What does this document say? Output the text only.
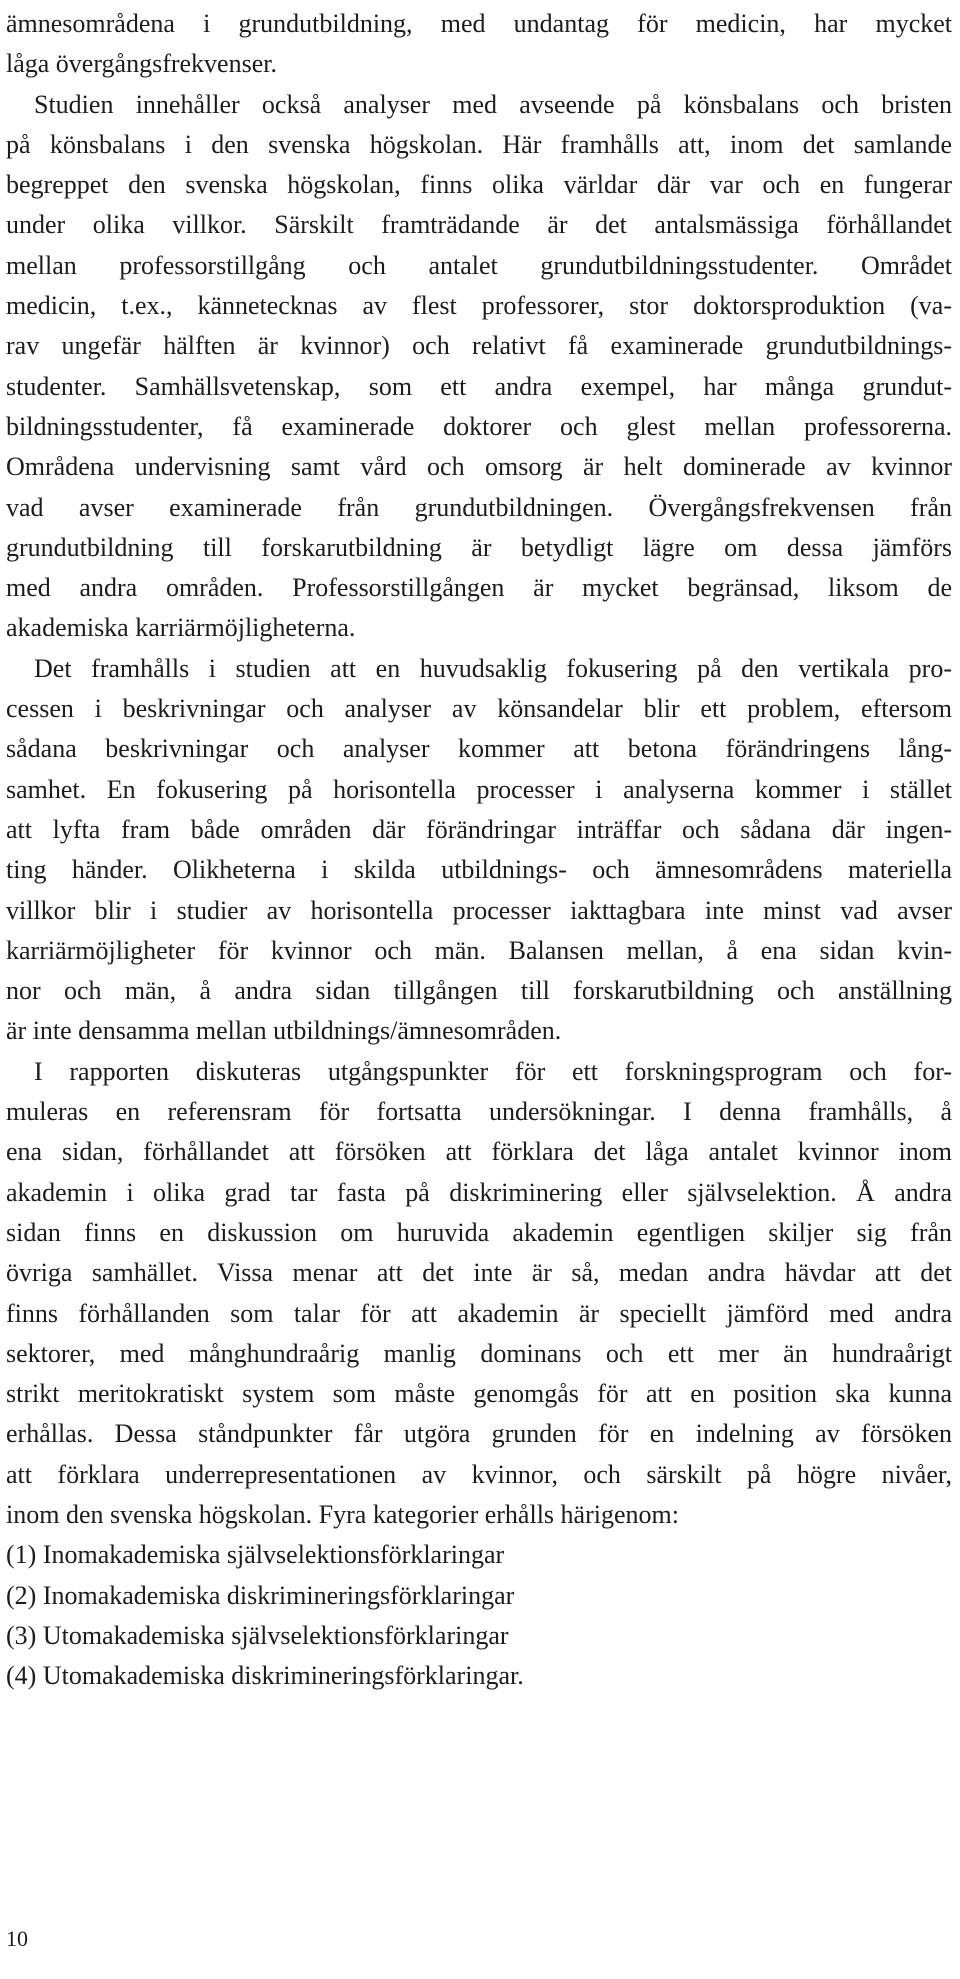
ämnesområdena i grundutbildning, med undantag för medicin, har mycket
låga övergångsfrekvenser.
Studien innehåller också analyser med avseende på könsbalans och bristen
på könsbalans i den svenska högskolan. Här framhålls att, inom det samlande
begreppet den svenska högskolan, finns olika världar där var och en fungerar
under olika villkor. Särskilt framträdande är det antalsmässiga förhållandet
mellan professorstillgång och antalet grundutbildningsstudenter. Området
medicin, t.ex., kännetecknas av flest professorer, stor doktorsproduktion (va-
rav ungefär hälften är kvinnor) och relativt få examinerade grundutbildnings-
studenter. Samhällsvetenskap, som ett andra exempel, har många grundut-
bildningsstudenter, få examinerade doktorer och glest mellan professorerna.
Områdena undervisning samt vård och omsorg är helt dominerade av kvinnor
vad avser examinerade från grundutbildningen. Övergångsfrekvensen från
grundutbildning till forskarutbildning är betydligt lägre om dessa jämförs
med andra områden. Professorstillgången är mycket begränsad, liksom de
akademiska karriärmöjligheterna.
Det framhålls i studien att en huvudsaklig fokusering på den vertikala pro-
cessen i beskrivningar och analyser av könsandelar blir ett problem, eftersom
sådana beskrivningar och analyser kommer att betona förändringens lång-
samhet. En fokusering på horisontella processer i analyserna kommer i stället
att lyfta fram både områden där förändringar inträffar och sådana där ingen-
ting händer. Olikheterna i skilda utbildnings- och ämnesområdens materiella
villkor blir i studier av horisontella processer iakttagbara inte minst vad avser
karriärmöjligheter för kvinnor och män. Balansen mellan, å ena sidan kvin-
nor och män, å andra sidan tillgången till forskarutbildning och anställning
är inte densamma mellan utbildnings/ämnesområden.
I rapporten diskuteras utgångspunkter för ett forskningsprogram och for-
muleras en referensram för fortsatta undersökningar. I denna framhålls, å
ena sidan, förhållandet att försöken att förklara det låga antalet kvinnor inom
akademin i olika grad tar fasta på diskriminering eller självselektion. Å andra
sidan finns en diskussion om huruvida akademin egentligen skiljer sig från
övriga samhället. Vissa menar att det inte är så, medan andra hävdar att det
finns förhållanden som talar för att akademin är speciellt jämförd med andra
sektorer, med månghundraårig manlig dominans och ett mer än hundraårigt
strikt meritokratiskt system som måste genomgås för att en position ska kunna
erhållas. Dessa ståndpunkter får utgöra grunden för en indelning av försöken
att förklara underrepresentationen av kvinnor, och särskilt på högre nivåer,
inom den svenska högskolan. Fyra kategorier erhålls härigenom:
(1) Inomakademiska självselektionsförklaringar
(2) Inomakademiska diskrimineringsförklaringar
(3) Utomakademiska självselektionsförklaringar
(4) Utomakademiska diskrimineringsförklaringar.
10
